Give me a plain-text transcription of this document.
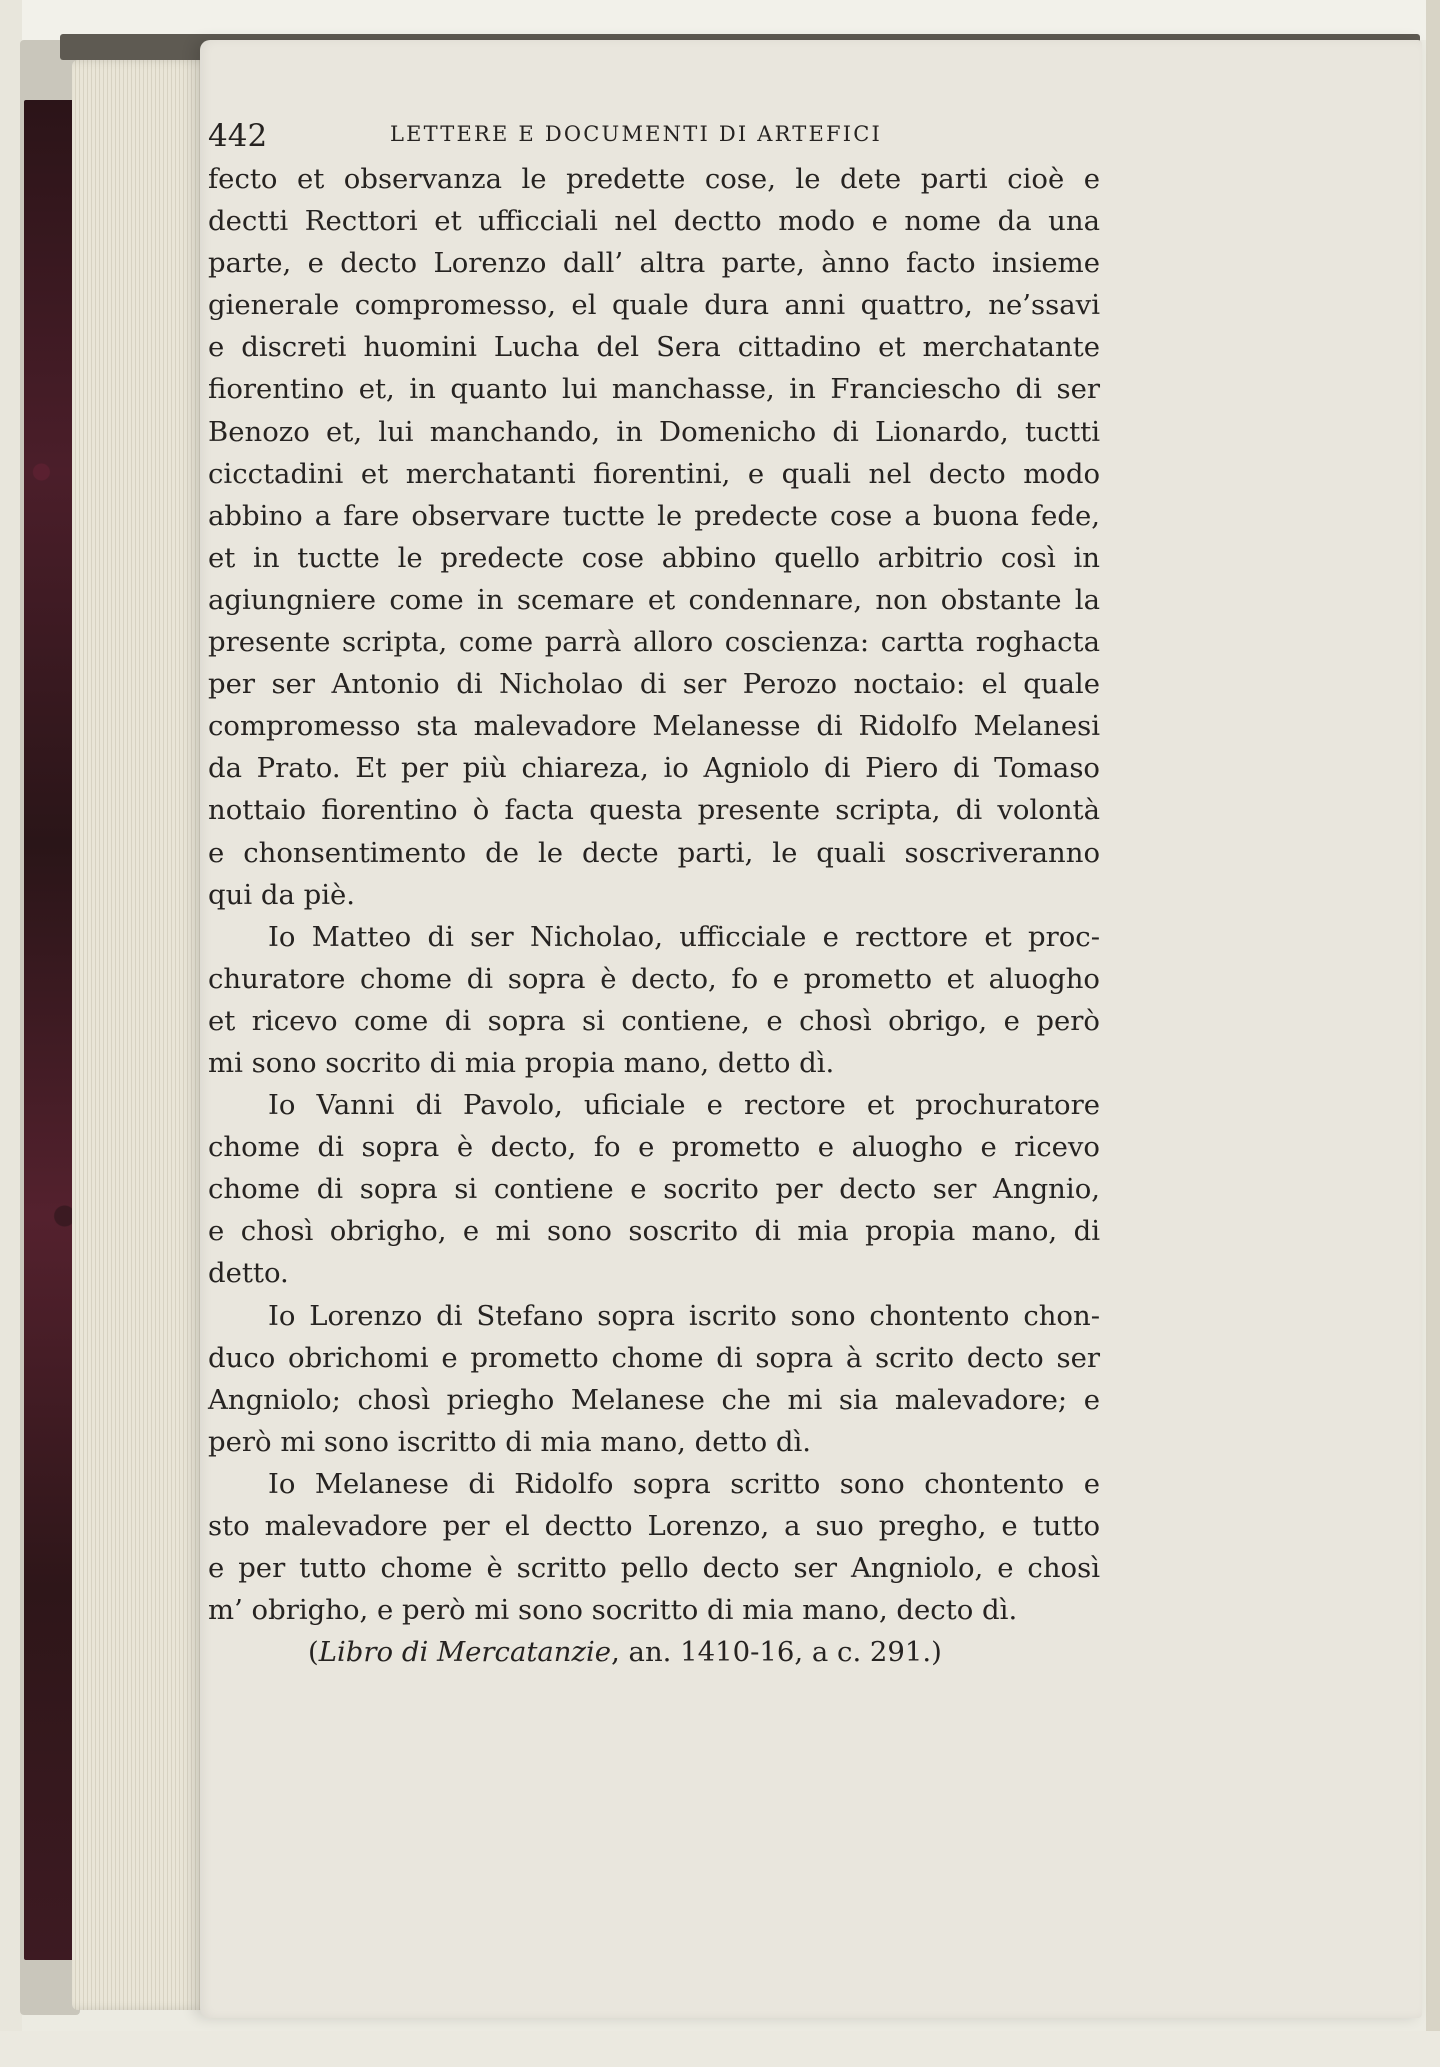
442	LETTERE E DOCUMENTI DI ARTEFICI

fecto et observanza le predette cose, le dete parti cioè e
dectti Recttori et ufficciali nel dectto modo e nome da una
parte, e decto Lorenzo dall’ altra parte, ànno facto insieme
gienerale compromesso, el quale dura anni quattro, ne’ssavi
e discreti huomini Lucha del Sera cittadino et merchatante
fiorentino et, in quanto lui manchasse, in Francieschо di ser
Benozo et, lui manchando, in Domenicho di Lionardo, tuctti
cicctadini et merchatanti fiorentini, e quali nel decto modo
abbino a fare observare tuctte le predecte cose a buona fede,
et in tuctte le predecte cose abbino quello arbitrio così in
agiungniere come in scemare et condennare, non obstante la
presente scripta, come parrà alloro coscienza: cartta roghacta
per ser Antonio di Nicholao di ser Perozo noctaio: el quale
compromesso sta malevadore Melanesse di Ridolfo Melanesi
da Prato. Et per più chiareza, io Agniolo di Piero di Tomaso
nottaio fiorentino ò facta questa presente scripta, di volontà
e chonsentimento de le decte parti, le quali soscriveranno
qui da piè.

Io Matteo di ser Nicholao, ufficciale e recttore et proc-
churatore chome di sopra è decto, fo e prometto et aluogho
et ricevo come di sopra si contiene, e chosì obrigo, e però
mi sono socrito di mia propia mano, detto dì.

Io Vanni di Pavolo, uficiale e rectore et prochuratore
chome di sopra è decto, fo e prometto e aluogho e ricevo
chome di sopra si contiene e socrito per decto ser Angnio,
e chosì obrigho, e mi sono soscrito di mia propia mano, di
detto.

Io Lorenzo di Stefano sopra iscrito sono chontento chon-
duco obrichomi e prometto chome di sopra à scrito decto ser
Angniolo; chosì prieghо Melanese che mi sia malevadore; e
però mi sono iscritto di mia mano, detto dì.

Io Melanese di Ridolfo sopra scritto sono chontento e
sto malevadore per el dectto Lorenzo, a suo pregho, e tutto
e per tutto chome è scritto pello decto ser Angniolo, e chosì
m’ obrigho, e però mi sono socritto di mia mano, decto dì.

(Libro di Mercatanzie, an. 1410-16, a c. 291.)
